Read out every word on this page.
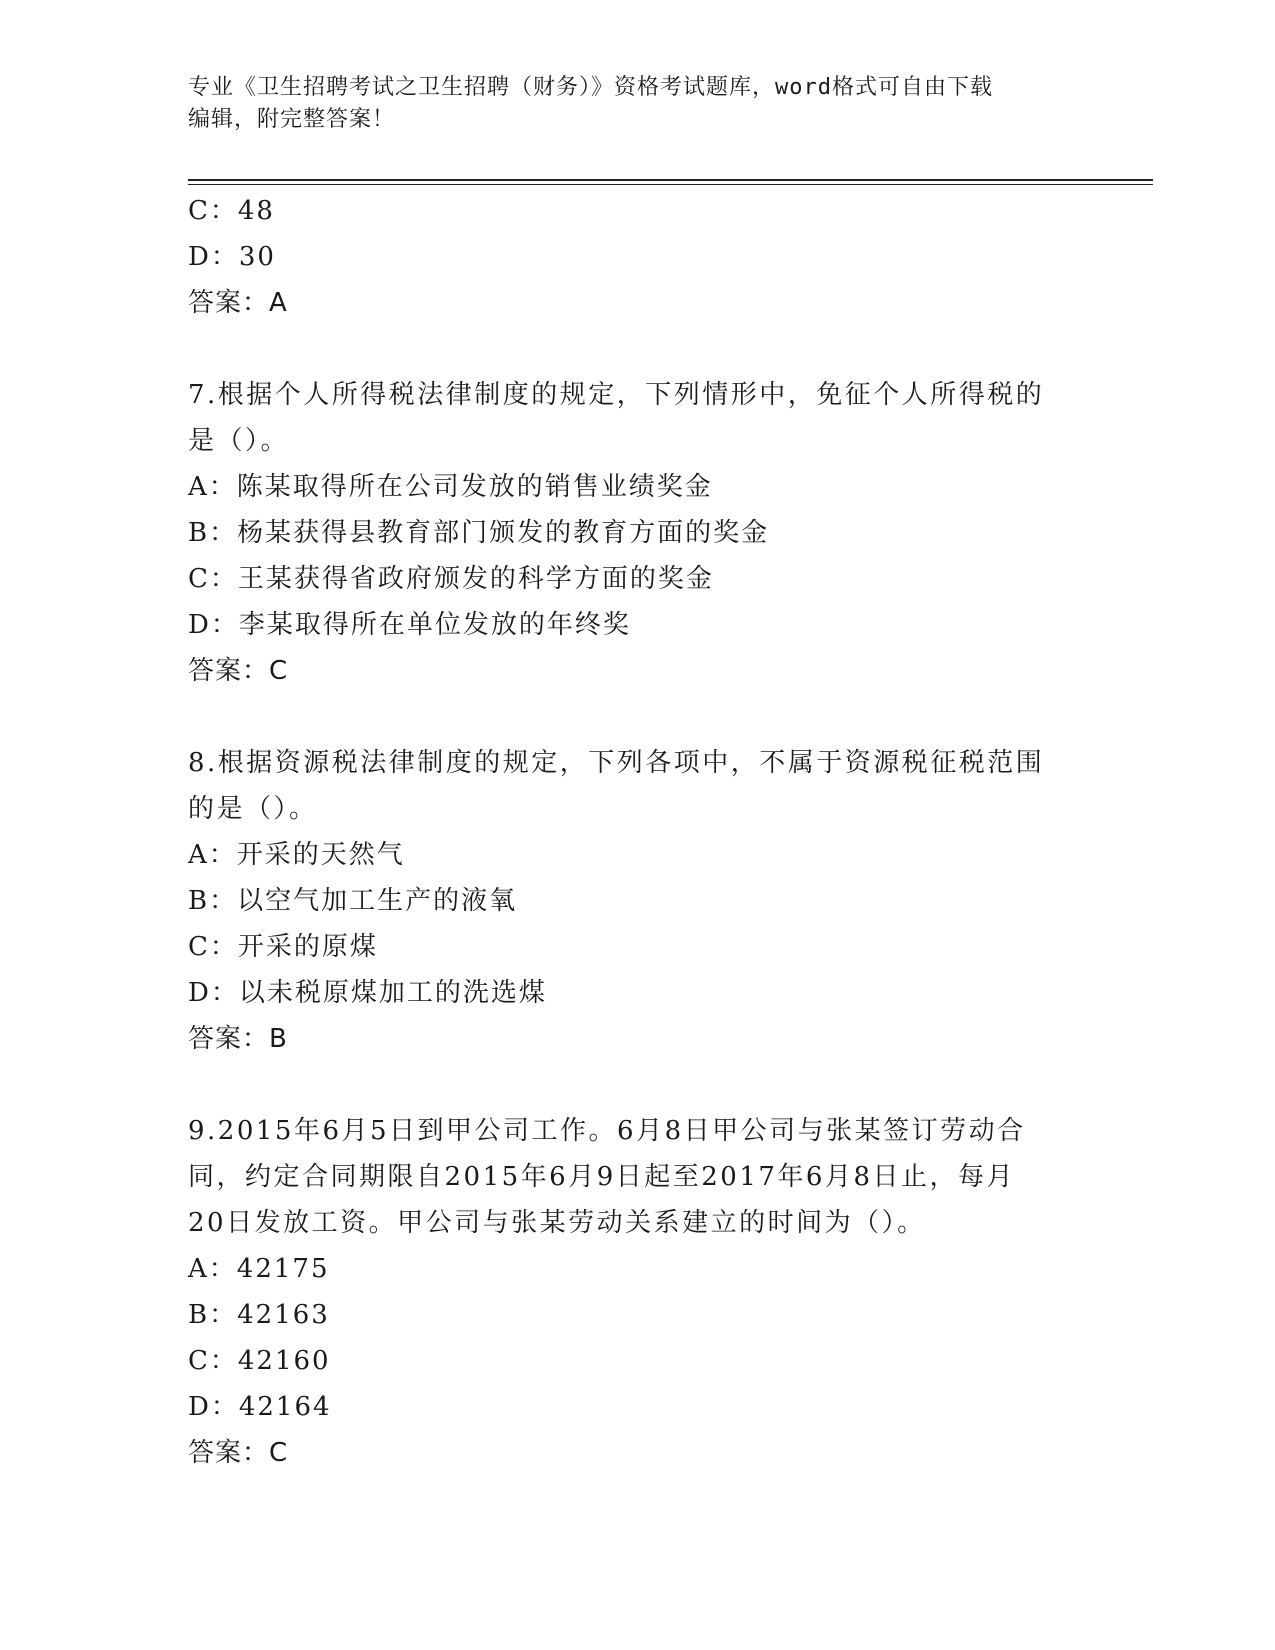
专业《卫生招聘考试之卫生招聘（财务）》资格考试题库，word格式可自由下载
编辑，附完整答案！
C：48
D：30
答案：A
7.根据个人所得税法律制度的规定，下列情形中，免征个人所得税的
是（）。
A：陈某取得所在公司发放的销售业绩奖金
B：杨某获得县教育部门颁发的教育方面的奖金
C：王某获得省政府颁发的科学方面的奖金
D：李某取得所在单位发放的年终奖
答案：C
8.根据资源税法律制度的规定，下列各项中，不属于资源税征税范围
的是（）。
A：开采的天然气
B：以空气加工生产的液氧
C：开采的原煤
D：以未税原煤加工的洗选煤
答案：B
9.2015年6月5日到甲公司工作。6月8日甲公司与张某签订劳动合
同，约定合同期限自2015年6月9日起至2017年6月8日止，每月
20日发放工资。甲公司与张某劳动关系建立的时间为（）。
A：42175
B：42163
C：42160
D：42164
答案：C
